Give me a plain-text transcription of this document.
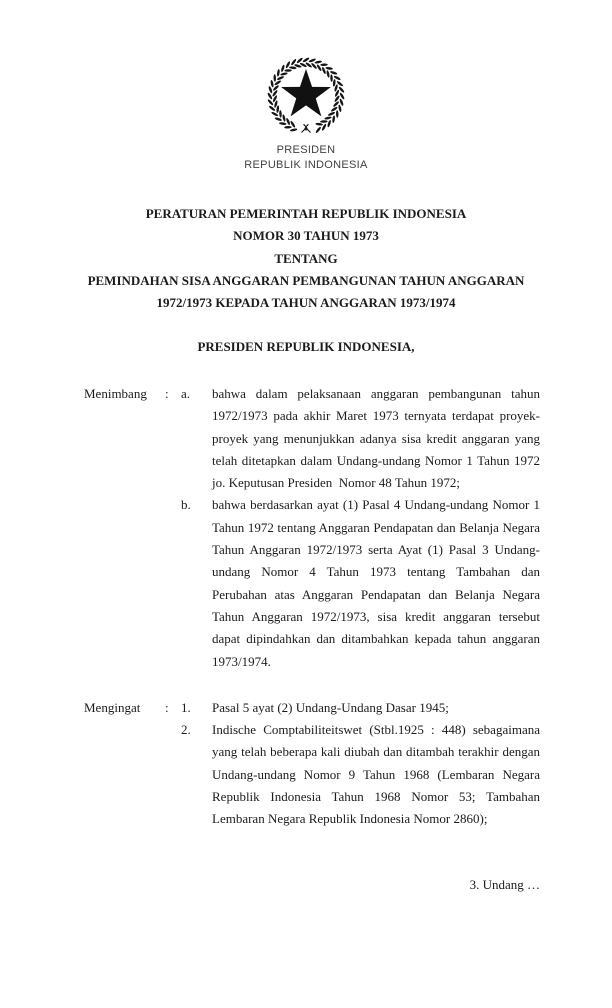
PRESIDEN
REPUBLIK INDONESIA
PERATURAN PEMERINTAH REPUBLIK INDONESIA
NOMOR 30 TAHUN 1973
TENTANG
PEMINDAHAN SISA ANGGARAN PEMBANGUNAN TAHUN ANGGARAN
1972/1973 KEPADA TAHUN ANGGARAN 1973/1974
PRESIDEN REPUBLIK INDONESIA,
Menimbang	: a.	bahwa dalam pelaksanaan anggaran pembangunan tahun
1972/1973 pada akhir Maret 1973 ternyata terdapat proyek-
proyek yang menunjukkan adanya sisa kredit anggaran yang
telah ditetapkan dalam Undang-undang Nomor 1 Tahun 1972
jo. Keputusan Presiden  Nomor 48 Tahun 1972;
b.	bahwa berdasarkan ayat (1) Pasal 4 Undang-undang Nomor 1
Tahun 1972 tentang Anggaran Pendapatan dan Belanja Negara
Tahun Anggaran 1972/1973 serta Ayat (1) Pasal 3 Undang-
undang Nomor 4 Tahun 1973 tentang Tambahan dan
Perubahan atas Anggaran Pendapatan dan Belanja Negara
Tahun Anggaran 1972/1973, sisa kredit anggaran tersebut
dapat dipindahkan dan ditambahkan kepada tahun anggaran
1973/1974.
Mengingat	: 1.	Pasal 5 ayat (2) Undang-Undang Dasar 1945;
2.	Indische Comptabiliteitswet (Stbl.1925 : 448) sebagaimana
yang telah beberapa kali diubah dan ditambah terakhir dengan
Undang-undang Nomor 9 Tahun 1968 (Lembaran Negara
Republik Indonesia Tahun 1968 Nomor 53; Tambahan
Lembaran Negara Republik Indonesia Nomor 2860);
3. Undang …
